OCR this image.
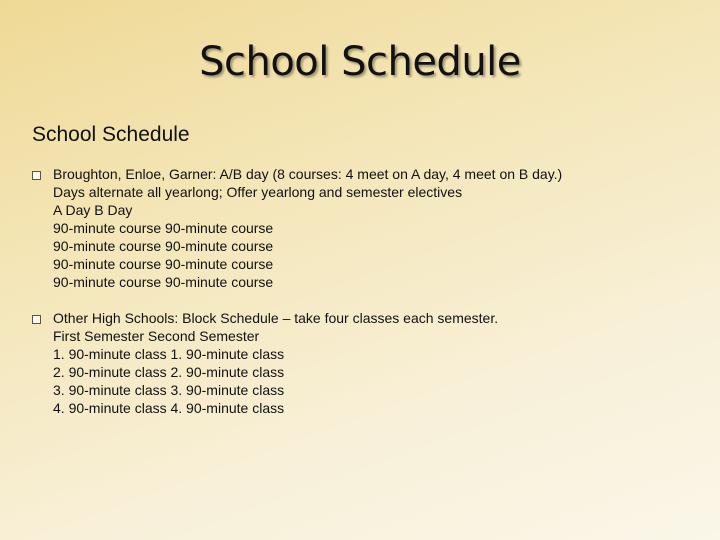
School Schedule
School Schedule
Broughton, Enloe, Garner: A/B day (8 courses: 4 meet on A day, 4 meet on B day.)
Days alternate all yearlong; Offer yearlong and semester electives
A Day B Day
90-minute course 90-minute course
90-minute course 90-minute course
90-minute course 90-minute course
90-minute course 90-minute course
Other High Schools: Block Schedule – take four classes each semester.
First Semester Second Semester
1. 90-minute class 1. 90-minute class
2. 90-minute class 2. 90-minute class
3. 90-minute class 3. 90-minute class
4. 90-minute class 4. 90-minute class
